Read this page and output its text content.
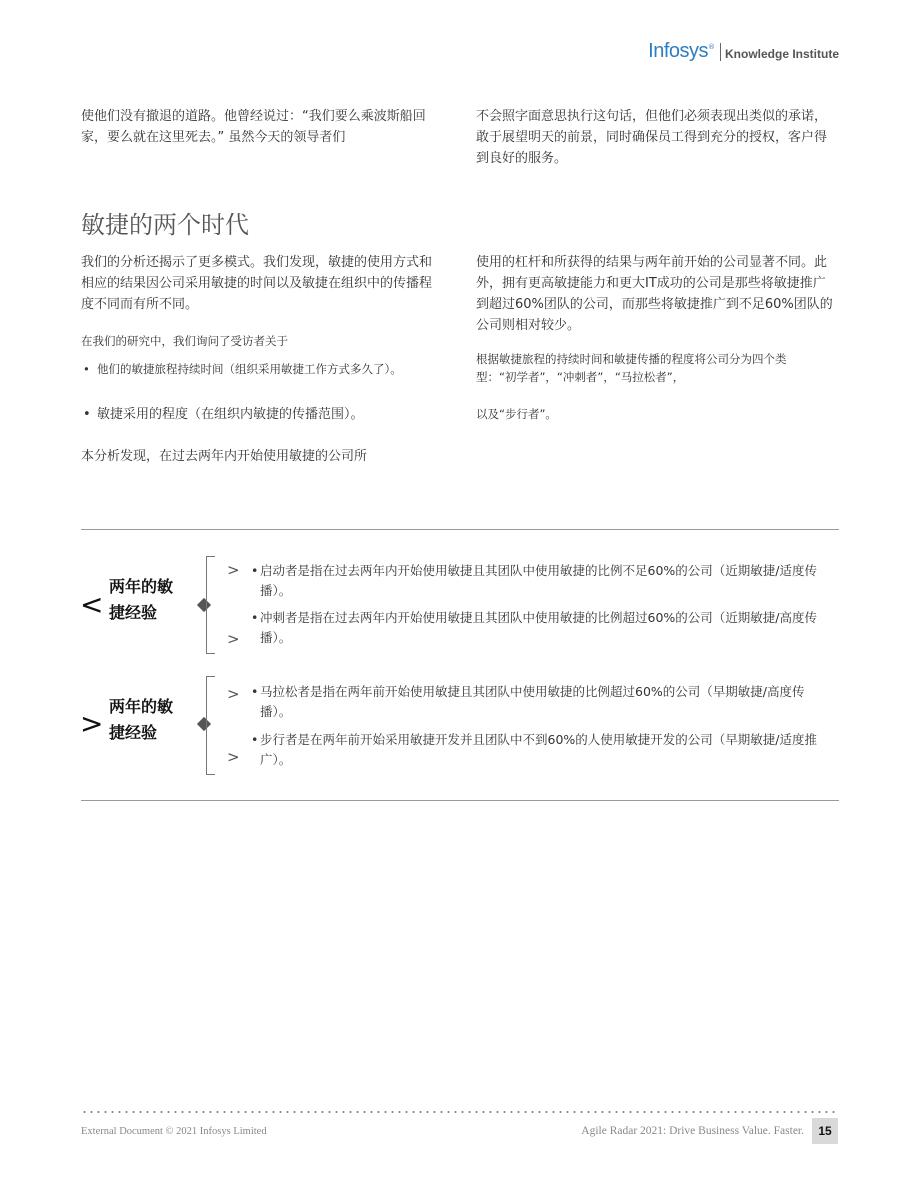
Infosys ® Knowledge Institute

使他们没有撤退的道路。他曾经说过：“我们要么乘波斯船回家，要么就在这里死去。” 虽然今天的领导者们

不会照字面意思执行这句话，但他们必须表现出类似的承诺，敢于展望明天的前景，同时确保员工得到充分的授权，客户得到良好的服务。

敏捷的两个时代

我们的分析还揭示了更多模式。我们发现，敏捷的使用方式和相应的结果因公司采用敏捷的时间以及敏捷在组织中的传播程度不同而有所不同。

在我们的研究中，我们询问了受访者关于

• 他们的敏捷旅程持续时间（组织采用敏捷工作方式多久了）。
• 敏捷采用的程度（在组织内敏捷的传播范围）。

本分析发现，在过去两年内开始使用敏捷的公司所

使用的杠杆和所获得的结果与两年前开始的公司显著不同。此外，拥有更高敏捷能力和更大IT成功的公司是那些将敏捷推广到超过60%团队的公司，而那些将敏捷推广到不足60%团队的公司则相对较少。

根据敏捷旅程的持续时间和敏捷传播的程度将公司分为四个类型：“初学者”，“冲刺者”，“马拉松者”，

以及“步行者”。

<
两年的敏
捷经验
>
>
• 启动者是指在过去两年内开始使用敏捷且其团队中使用敏捷的比例不足60%的公司（近期敏捷/适度传播）。
• 冲刺者是指在过去两年内开始使用敏捷且其团队中使用敏捷的比例超过60%的公司（近期敏捷/高度传播）。
>
两年的敏
捷经验
>
>
• 马拉松者是指在两年前开始使用敏捷且其团队中使用敏捷的比例超过60%的公司（早期敏捷/高度传播）。
• 步行者是在两年前开始采用敏捷开发并且团队中不到60%的人使用敏捷开发的公司（早期敏捷/适度推广）。
External Document © 2021 Infosys Limited	Agile Radar 2021: Drive Business Value. Faster.	15
